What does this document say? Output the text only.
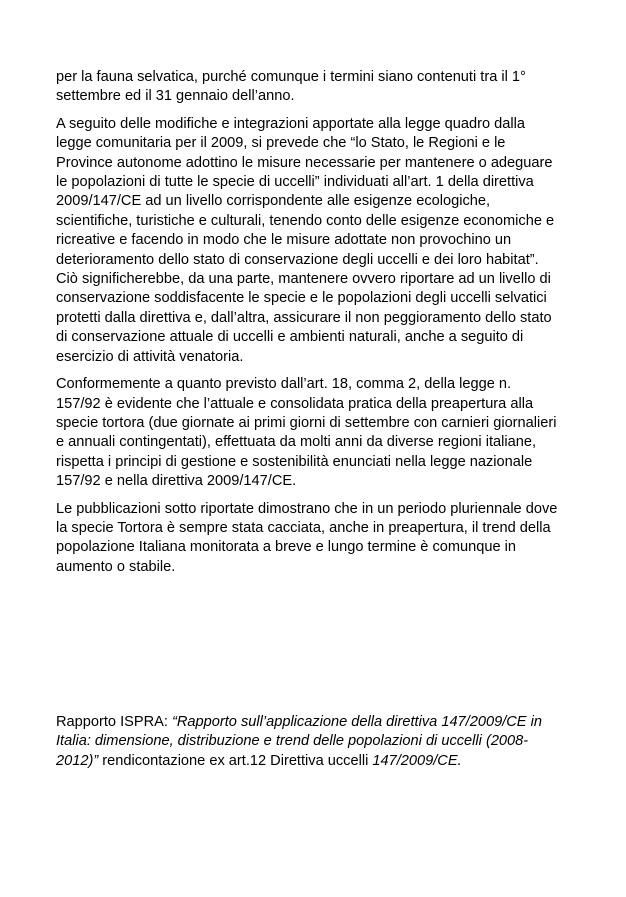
per la fauna selvatica, purché comunque i termini siano contenuti tra il 1°
settembre ed il 31 gennaio dell’anno.

A seguito delle modifiche e integrazioni apportate alla legge quadro dalla
legge comunitaria per il 2009, si prevede che “lo Stato, le Regioni e le
Province autonome adottino le misure necessarie per mantenere o adeguare
le popolazioni di tutte le specie di uccelli” individuati all’art. 1 della direttiva
2009/147/CE ad un livello corrispondente alle esigenze ecologiche,
scientifiche, turistiche e culturali, tenendo conto delle esigenze economiche e
ricreative e facendo in modo che le misure adottate non provochino un
deterioramento dello stato di conservazione degli uccelli e dei loro habitat”.
Ciò significherebbe, da una parte, mantenere ovvero riportare ad un livello di
conservazione soddisfacente le specie e le popolazioni degli uccelli selvatici
protetti dalla direttiva e, dall’altra, assicurare il non peggioramento dello stato
di conservazione attuale di uccelli e ambienti naturali, anche a seguito di
esercizio di attività venatoria.

Conformemente a quanto previsto dall’art. 18, comma 2, della legge n.
157/92 è evidente che l’attuale e consolidata pratica della preapertura alla
specie tortora (due giornate ai primi giorni di settembre con carnieri giornalieri
e annuali contingentati), effettuata da molti anni da diverse regioni italiane,
rispetta i principi di gestione e sostenibilità enunciati nella legge nazionale
157/92 e nella direttiva 2009/147/CE.

Le pubblicazioni sotto riportate dimostrano che in un periodo pluriennale dove
la specie Tortora è sempre stata cacciata, anche in preapertura, il trend della
popolazione Italiana monitorata a breve e lungo termine è comunque in
aumento o stabile.

Rapporto ISPRA: “Rapporto sull’applicazione della direttiva 147/2009/CE in
Italia: dimensione, distribuzione e trend delle popolazioni di uccelli (2008-
2012)” rendicontazione ex art.12 Direttiva uccelli 147/2009/CE.
